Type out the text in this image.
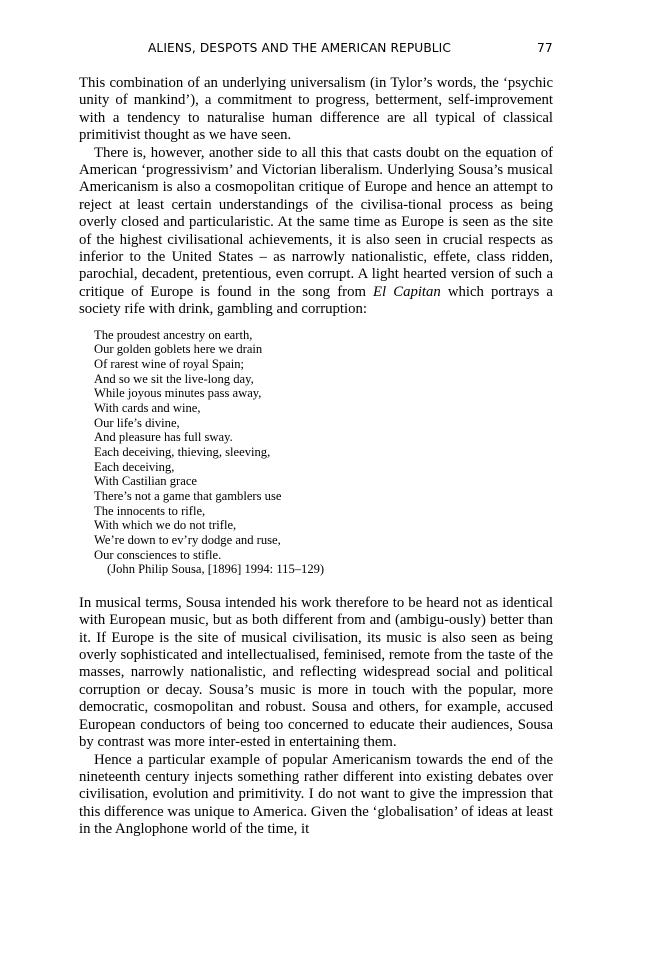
ALIENS, DESPOTS AND THE AMERICAN REPUBLIC	77

This combination of an underlying universalism (in Tylor’s words, the ‘psychic unity of mankind’), a commitment to progress, betterment, self-improvement with a tendency to naturalise human difference are all typical of classical primitivist thought as we have seen.

There is, however, another side to all this that casts doubt on the equation of American ‘progressivism’ and Victorian liberalism. Underlying Sousa’s musical Americanism is also a cosmopolitan critique of Europe and hence an attempt to reject at least certain understandings of the civilisa-tional process as being overly closed and particularistic. At the same time as Europe is seen as the site of the highest civilisational achievements, it is also seen in crucial respects as inferior to the United States – as narrowly nationalistic, effete, class ridden, parochial, decadent, pretentious, even corrupt. A light hearted version of such a critique of Europe is found in the song from El Capitan which portrays a society rife with drink, gambling and corruption:

The proudest ancestry on earth,
Our golden goblets here we drain
Of rarest wine of royal Spain;
And so we sit the live-long day,
While joyous minutes pass away,
With cards and wine,
Our life’s divine,
And pleasure has full sway.
Each deceiving, thieving, sleeving,
Each deceiving,
With Castilian grace
There’s not a game that gamblers use
The innocents to rifle,
With which we do not trifle,
We’re down to ev’ry dodge and ruse,
Our consciences to stifle.
(John Philip Sousa, [1896] 1994: 115–129)

In musical terms, Sousa intended his work therefore to be heard not as identical with European music, but as both different from and (ambigu-ously) better than it. If Europe is the site of musical civilisation, its music is also seen as being overly sophisticated and intellectualised, feminised, remote from the taste of the masses, narrowly nationalistic, and reflecting widespread social and political corruption or decay. Sousa’s music is more in touch with the popular, more democratic, cosmopolitan and robust. Sousa and others, for example, accused European conductors of being too concerned to educate their audiences, Sousa by contrast was more inter-ested in entertaining them.

Hence a particular example of popular Americanism towards the end of the nineteenth century injects something rather different into existing debates over civilisation, evolution and primitivity. I do not want to give the impression that this difference was unique to America. Given the ‘globalisation’ of ideas at least in the Anglophone world of the time, it
